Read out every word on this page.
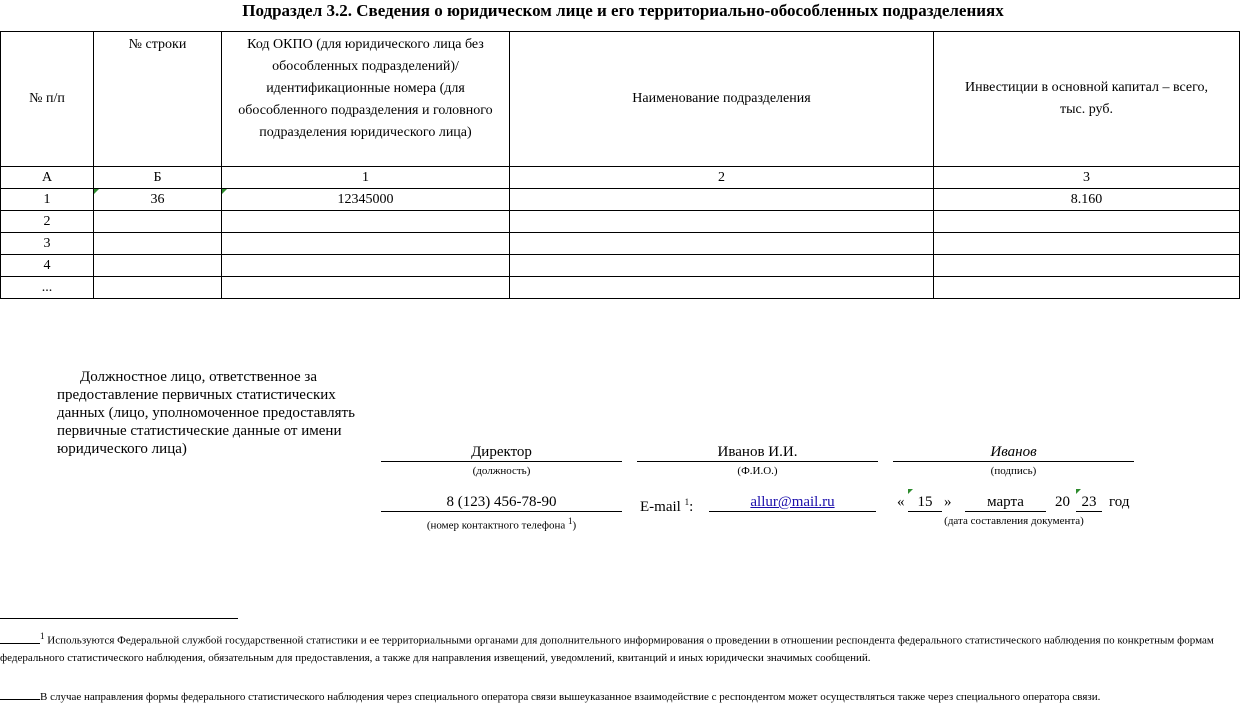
Подраздел 3.2. Сведения о юридическом лице и его территориально-обособленных подразделениях
№ п/п	№ строки	Код ОКПО (для юридического лица без обособленных подразделений)/идентификационные номера (для обособленного подразделения и головного подразделения юридического лица)	Наименование подразделения	Инвестиции в основной капитал – всего, тыс. руб.

А	Б	1	2	3
1	36	12345000		8.160
2				
3				
4				
...				
Должностное лицо, ответственное за предоставление первичных статистических данных (лицо, уполномоченное предоставлять первичные статистические данные от имени юридического лица)	Директор
(должность)
Иванов И.И.
(Ф.И.О.)
Иванов
(подпись)
8 (123) 456-78-90
(номер контактного телефона $^1$)
E-mail $^1$:	allur@mail.ru	« 15 »	марта	20 23 год
(дата составления документа)
$^1$ Используются Федеральной службой государственной статистики и ее территориальными органами для дополнительного информирования о проведении в отношении респондента федерального статистического наблюдения по конкретным формам федерального статистического наблюдения, обязательным для предоставления, а также для направления извещений, уведомлений, квитанций и иных юридически значимых сообщений.
В случае направления формы федерального статистического наблюдения через специального оператора связи вышеуказанное взаимодействие с респондентом может осуществляться также через специального оператора связи.
